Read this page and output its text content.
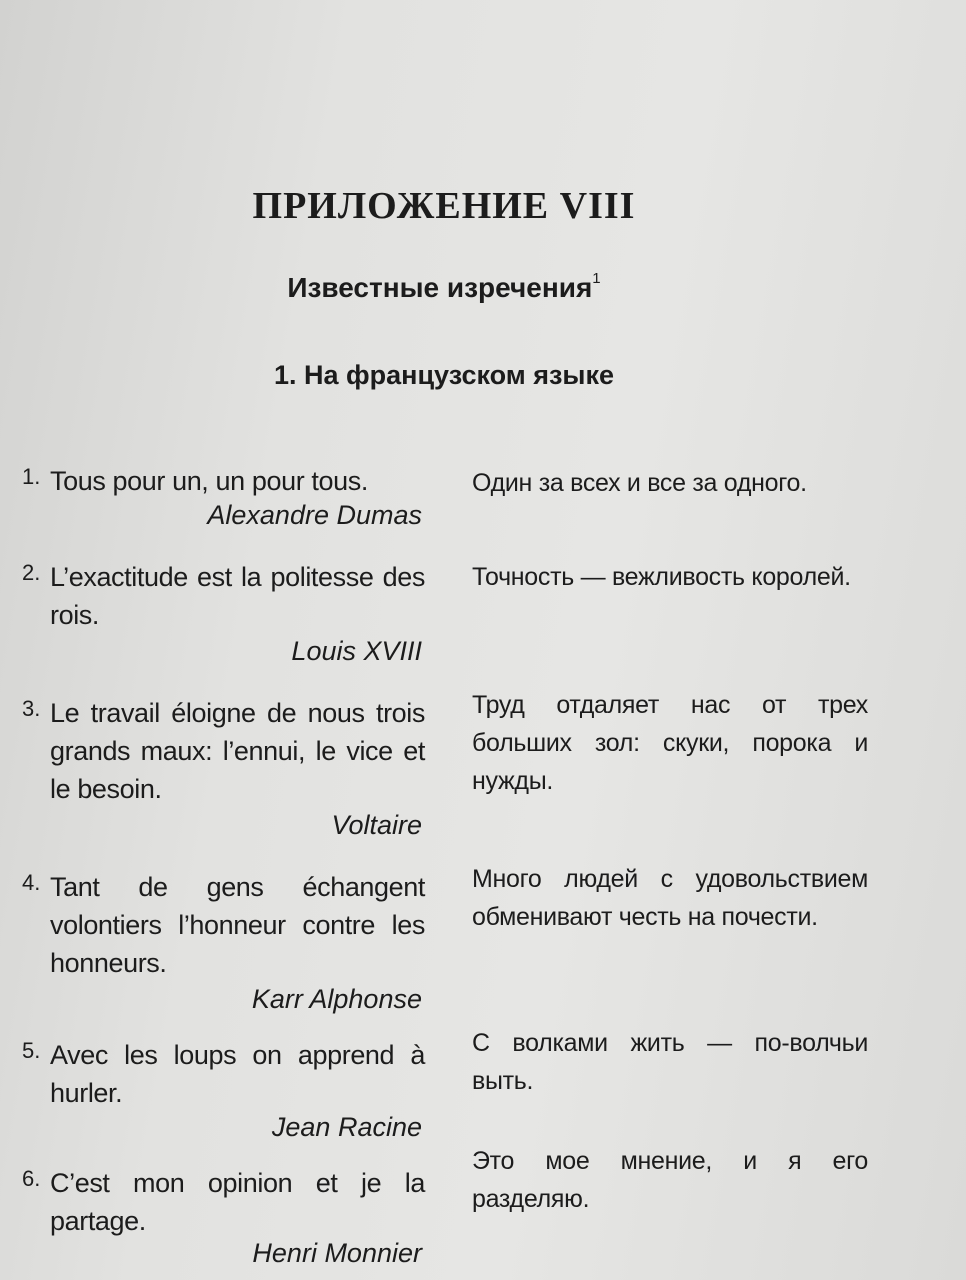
ПРИЛОЖЕНИЕ VIII
Известные изречения$^1$
1. На французском языке
1. Tous pour un, un pour tous.
Alexandre Dumas
Один за всех и все за одного.
2. L’exactitude est la politesse des rois.
Louis XVIII
Точность — вежливость королей.
3. Le travail éloigne de nous trois grands maux: l’ennui, le vice et le besoin.
Voltaire
Труд отдаляет нас от трех больших зол: скуки, порока и нужды.
4. Tant de gens échangent volontiers l’honneur contre les honneurs.
Karr Alphonse
Много людей с удовольствием обменивают честь на почести.
5. Avec les loups on apprend à hurler.
Jean Racine
С волками жить — по-волчьи выть.
6. C’est mon opinion et je la partage.
Henri Monnier
Это мое мнение, и я его разделяю.
